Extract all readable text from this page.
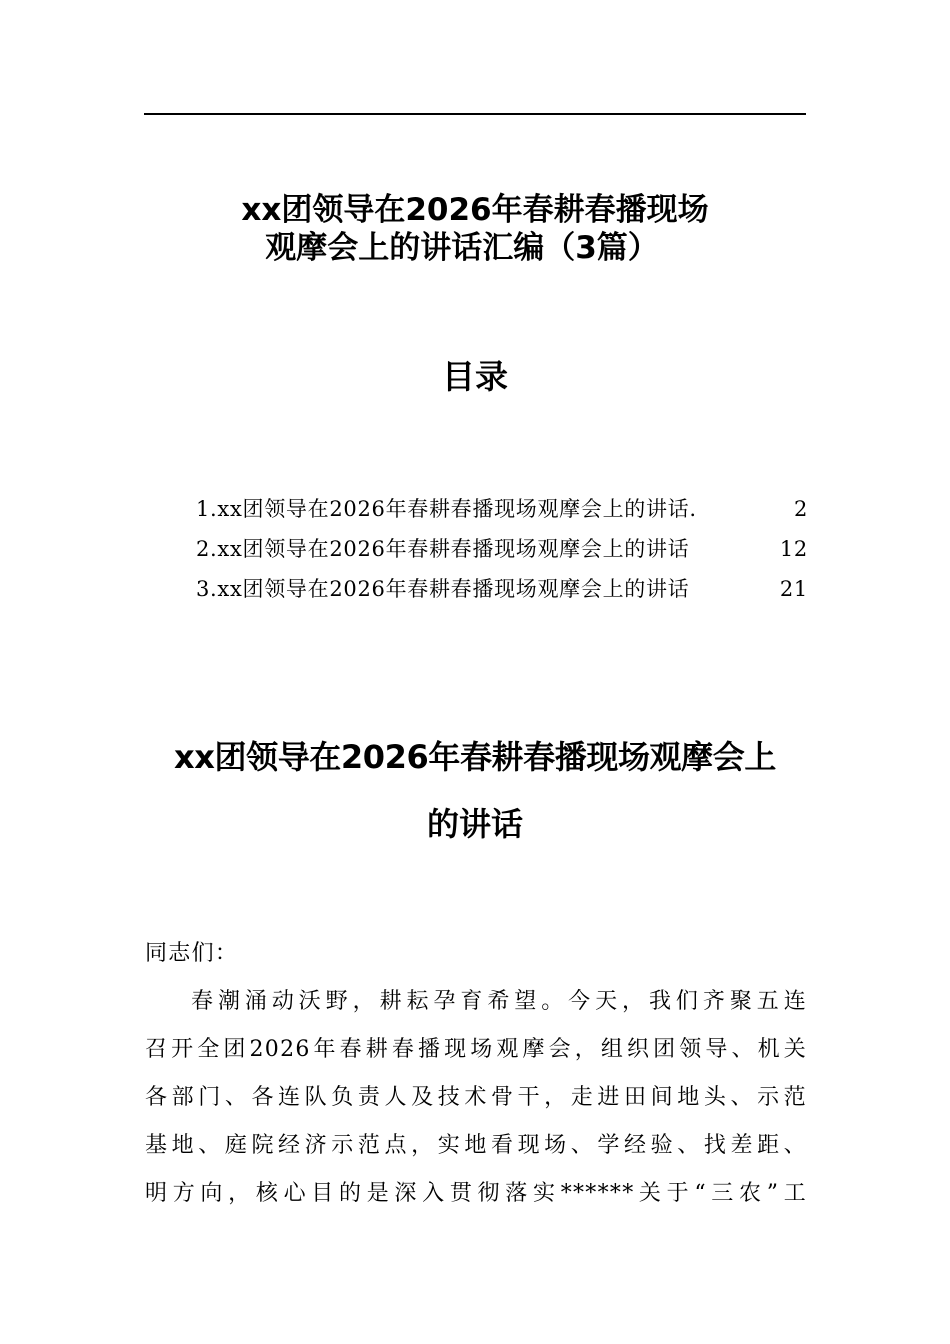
xx团领导在2026年春耕春播现场
观摩会上的讲话汇编（3篇）
目录
1.xx团领导在2026年春耕春播现场观摩会上的讲话.	2
2.xx团领导在2026年春耕春播现场观摩会上的讲话	12
3.xx团领导在2026年春耕春播现场观摩会上的讲话	21
xx团领导在2026年春耕春播现场观摩会上
的讲话

同志们：

春潮涌动沃野，耕耘孕育希望。今天，我们齐聚五连
召开全团2026年春耕春播现场观摩会，组织团领导、机关
各部门、各连队负责人及技术骨干，走进田间地头、示范
基地、庭院经济示范点，实地看现场、学经验、找差距、
明方向，核心目的是深入贯彻落实******关于“三农”工
